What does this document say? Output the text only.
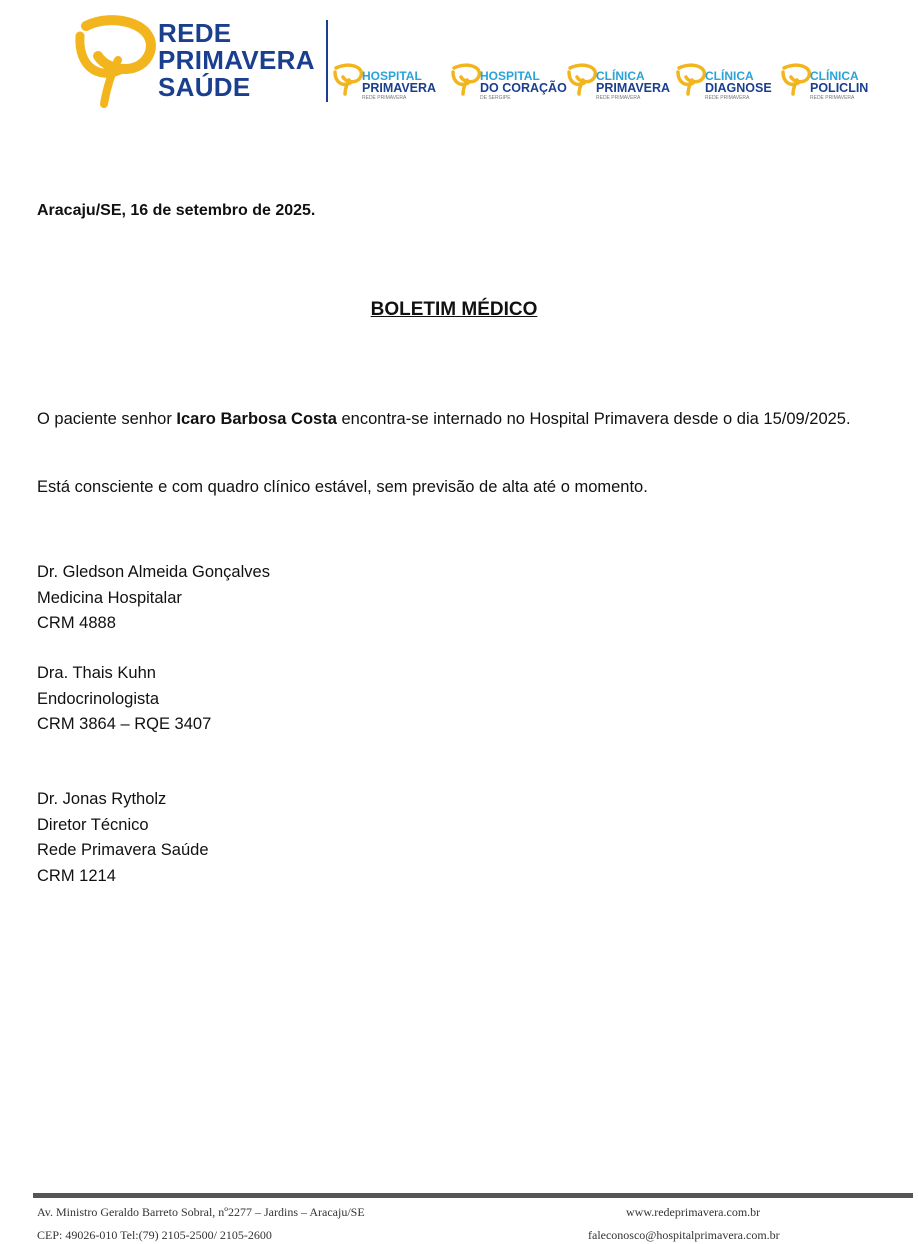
REDE
PRIMAVERA
SAÚDE	HOSPITAL
PRIMAVERA
REDE PRIMAVERA
HOSPITAL
DO CORAÇÃO
DE SERGIPE
CLÍNICA
PRIMAVERA
REDE PRIMAVERA
CLÍNICA
DIAGNOSE
REDE PRIMAVERA
CLÍNICA
POLICLIN
REDE PRIMAVERA
Aracaju/SE, 16 de setembro de 2025.
BOLETIM MÉDICO
O paciente senhor Icaro Barbosa Costa encontra-se internado no Hospital Primavera desde o dia 15/09/2025.
Está consciente e com quadro clínico estável, sem previsão de alta até o momento.
Dr. Gledson Almeida Gonçalves
Medicina Hospitalar
CRM 4888
Dra. Thais Kuhn
Endocrinologista
CRM 3864 – RQE 3407
Dr. Jonas Rytholz
Diretor Técnico
Rede Primavera Saúde
CRM 1214
Av. Ministro Geraldo Barreto Sobral, nº2277 – Jardins – Aracaju/SE
CEP: 49026-010 Tel:(79) 2105-2500/ 2105-2600
www.redeprimavera.com.br
faleconosco@hospitalprimavera.com.br
